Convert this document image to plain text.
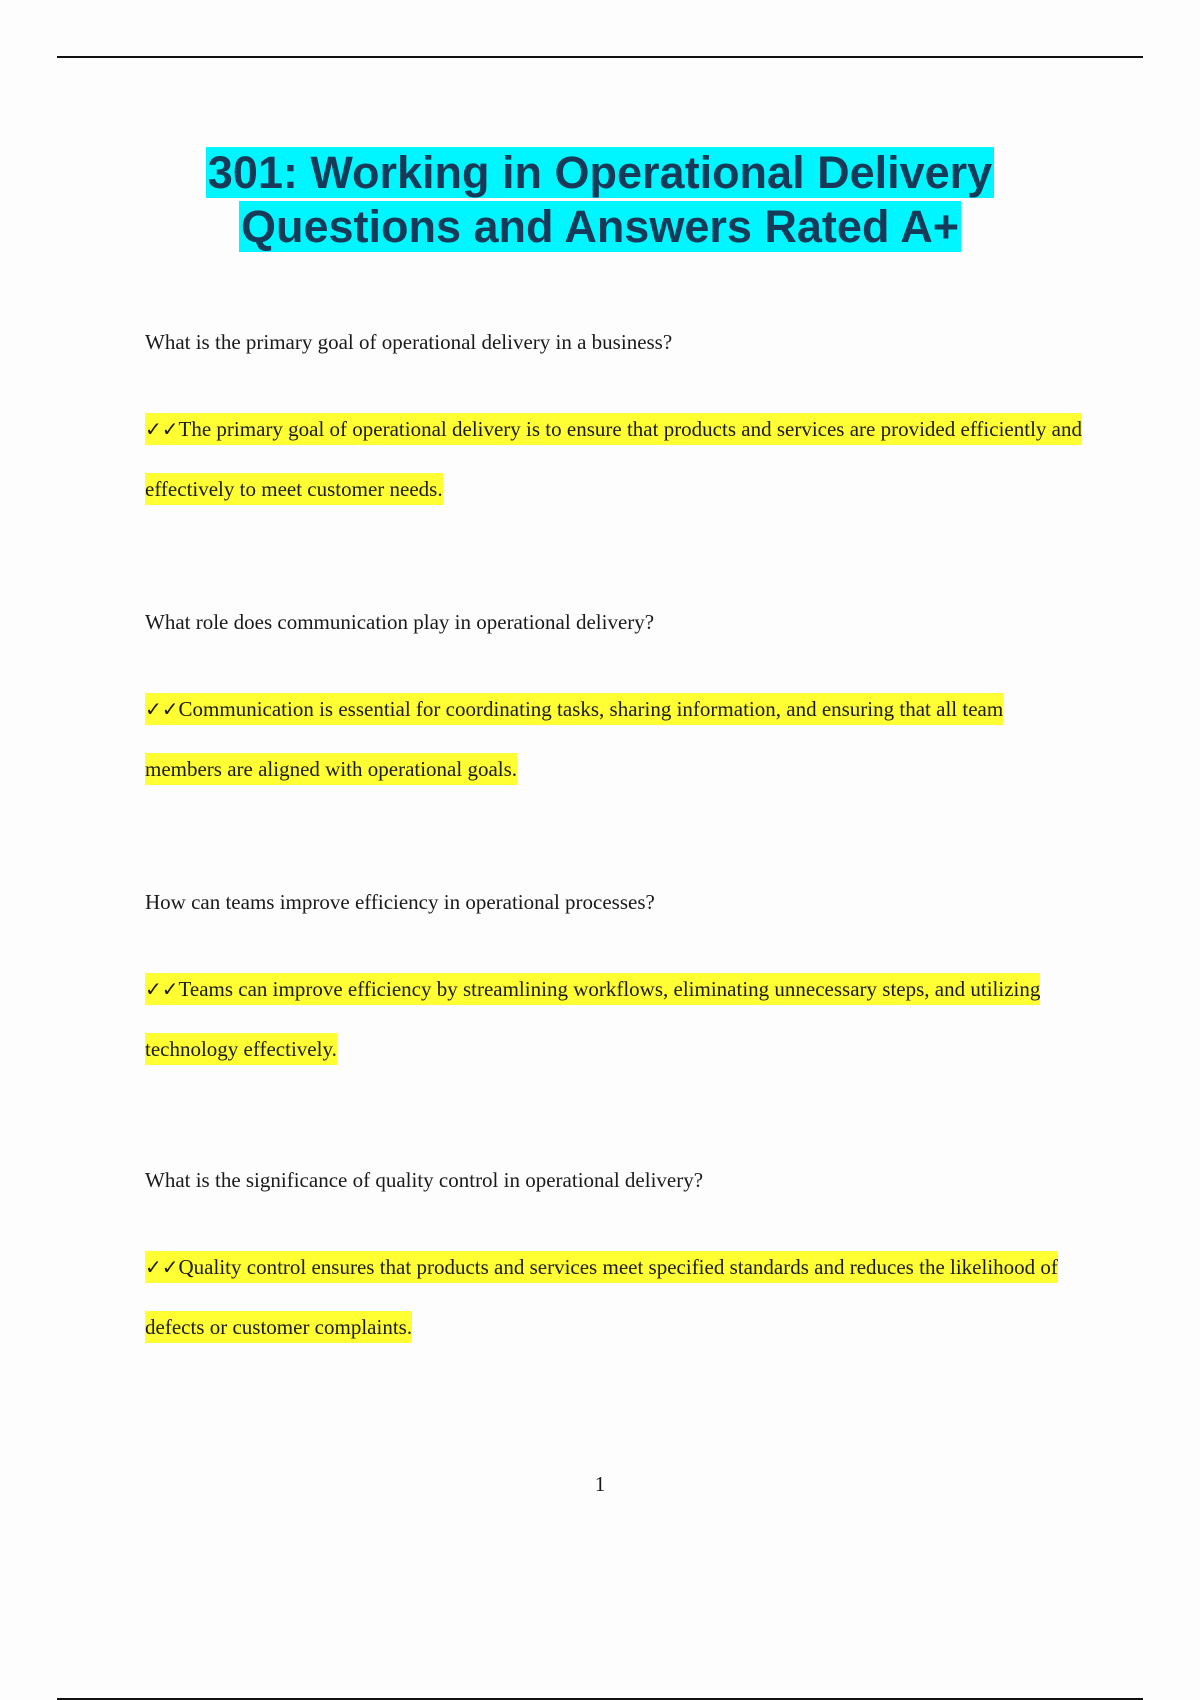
301: Working in Operational Delivery
Questions and Answers Rated A+

What is the primary goal of operational delivery in a business?

✓✓The primary goal of operational delivery is to ensure that products and services are provided efficiently and effectively to meet customer needs.

What role does communication play in operational delivery?

✓✓Communication is essential for coordinating tasks, sharing information, and ensuring that all team members are aligned with operational goals.

How can teams improve efficiency in operational processes?

✓✓Teams can improve efficiency by streamlining workflows, eliminating unnecessary steps, and utilizing technology effectively.

What is the significance of quality control in operational delivery?

✓✓Quality control ensures that products and services meet specified standards and reduces the likelihood of defects or customer complaints.

1
